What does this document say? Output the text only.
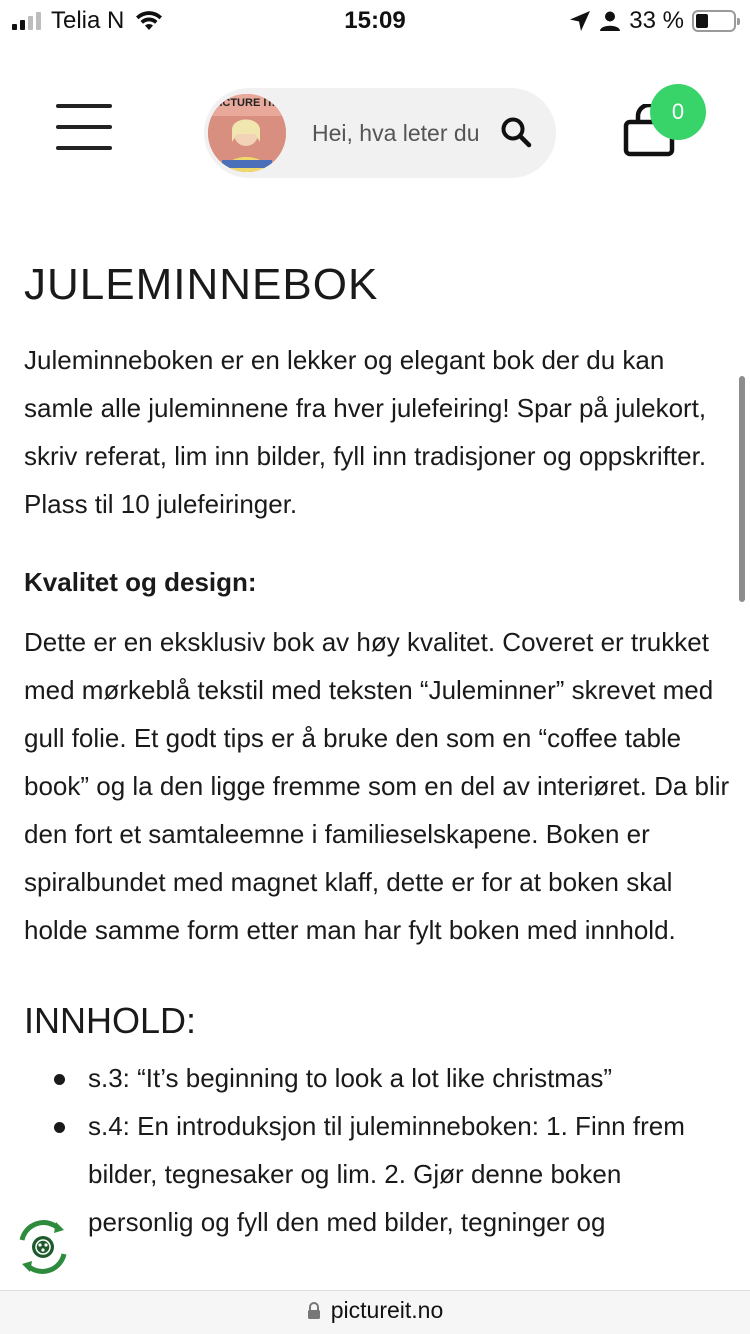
Telia N	15:09	33 %
PICTURE IT.
Hei, hva leter du?	0
JULEMINNEBOK

Juleminneboken er en lekker og elegant bok der du kan samle alle juleminnene fra hver julefeiring! Spar på julekort, skriv referat, lim inn bilder, fyll inn tradisjoner og oppskrifter. Plass til 10 julefeiringer.

Kvalitet og design:

Dette er en eksklusiv bok av høy kvalitet. Coveret er trukket med mørkeblå tekstil med teksten “Juleminner” skrevet med gull folie. Et godt tips er å bruke den som en “coffee table book” og la den ligge fremme som en del av interiøret. Da blir den fort et samtaleemne i familieselskapene. Boken er spiralbundet med magnet klaff, dette er for at boken skal holde samme form etter man har fylt boken med innhold.

INNHOLD:
s.3: “It’s beginning to look a lot like christmas”
s.4: En introduksjon til juleminneboken: 1. Finn frem bilder, tegnesaker og lim. 2. Gjør denne boken personlig og fyll den med bilder, tegninger og
pictureit.no
